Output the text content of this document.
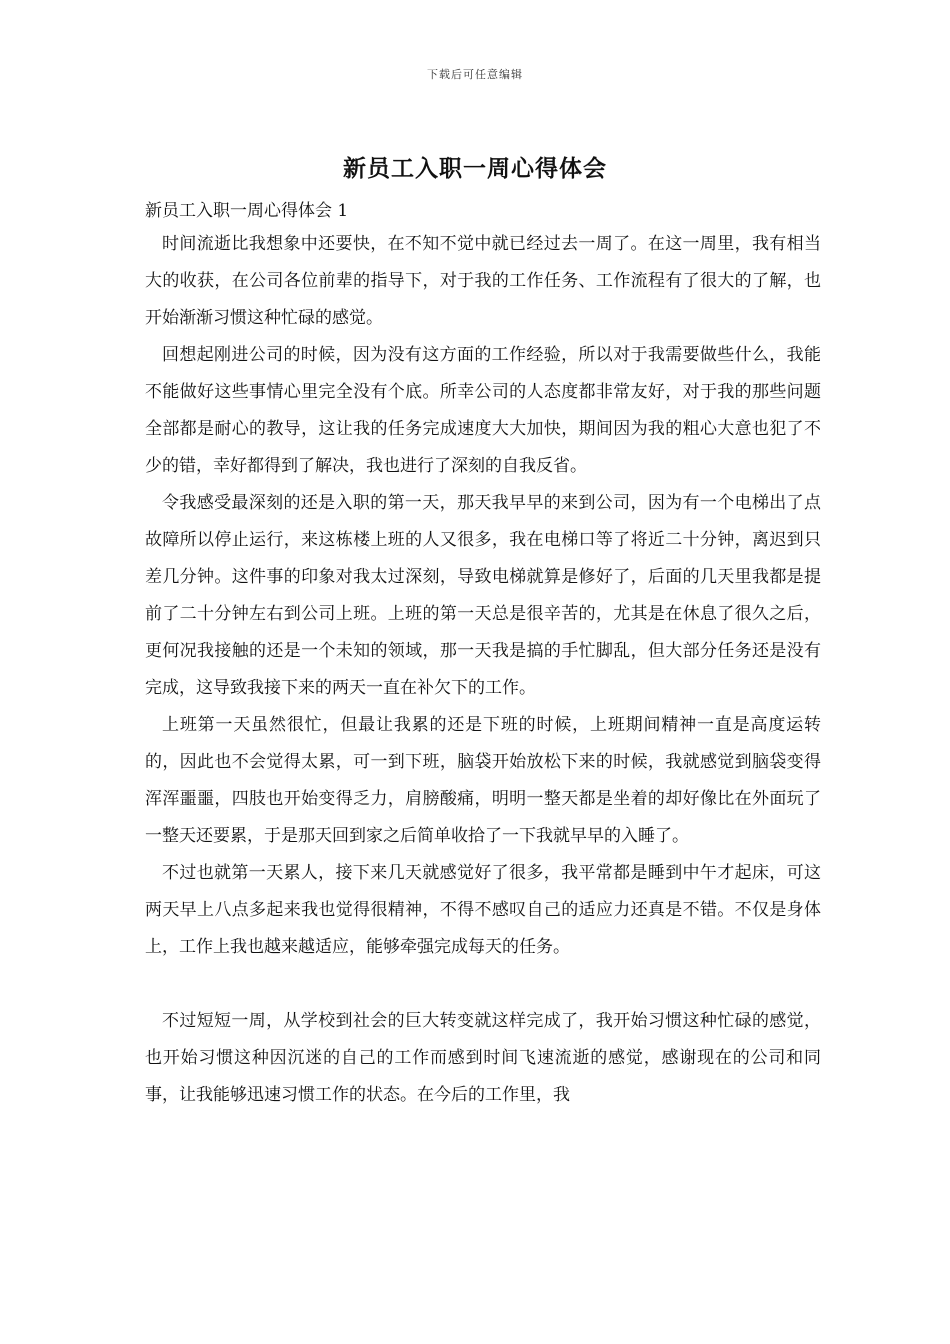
下载后可任意编辑
新员工入职一周心得体会

新员工入职一周心得体会 1

时间流逝比我想象中还要快，在不知不觉中就已经过去一周了。在这一周里，我有相当大的收获，在公司各位前辈的指导下，对于我的工作任务、工作流程有了很大的了解，也开始渐渐习惯这种忙碌的感觉。

回想起刚进公司的时候，因为没有这方面的工作经验，所以对于我需要做些什么，我能不能做好这些事情心里完全没有个底。所幸公司的人态度都非常友好，对于我的那些问题全部都是耐心的教导，这让我的任务完成速度大大加快，期间因为我的粗心大意也犯了不少的错，幸好都得到了解决，我也进行了深刻的自我反省。

令我感受最深刻的还是入职的第一天，那天我早早的来到公司，因为有一个电梯出了点故障所以停止运行，来这栋楼上班的人又很多，我在电梯口等了将近二十分钟，离迟到只差几分钟。这件事的印象对我太过深刻，导致电梯就算是修好了，后面的几天里我都是提前了二十分钟左右到公司上班。上班的第一天总是很辛苦的，尤其是在休息了很久之后，更何况我接触的还是一个未知的领域，那一天我是搞的手忙脚乱，但大部分任务还是没有完成，这导致我接下来的两天一直在补欠下的工作。

上班第一天虽然很忙，但最让我累的还是下班的时候，上班期间精神一直是高度运转的，因此也不会觉得太累，可一到下班，脑袋开始放松下来的时候，我就感觉到脑袋变得浑浑噩噩，四肢也开始变得乏力，肩膀酸痛，明明一整天都是坐着的却好像比在外面玩了一整天还要累，于是那天回到家之后简单收拾了一下我就早早的入睡了。

不过也就第一天累人，接下来几天就感觉好了很多，我平常都是睡到中午才起床，可这两天早上八点多起来我也觉得很精神，不得不感叹自己的适应力还真是不错。不仅是身体上，工作上我也越来越适应，能够牵强完成每天的任务。

不过短短一周，从学校到社会的巨大转变就这样完成了，我开始习惯这种忙碌的感觉，也开始习惯这种因沉迷的自己的工作而感到时间飞速流逝的感觉，感谢现在的公司和同事，让我能够迅速习惯工作的状态。在今后的工作里，我
